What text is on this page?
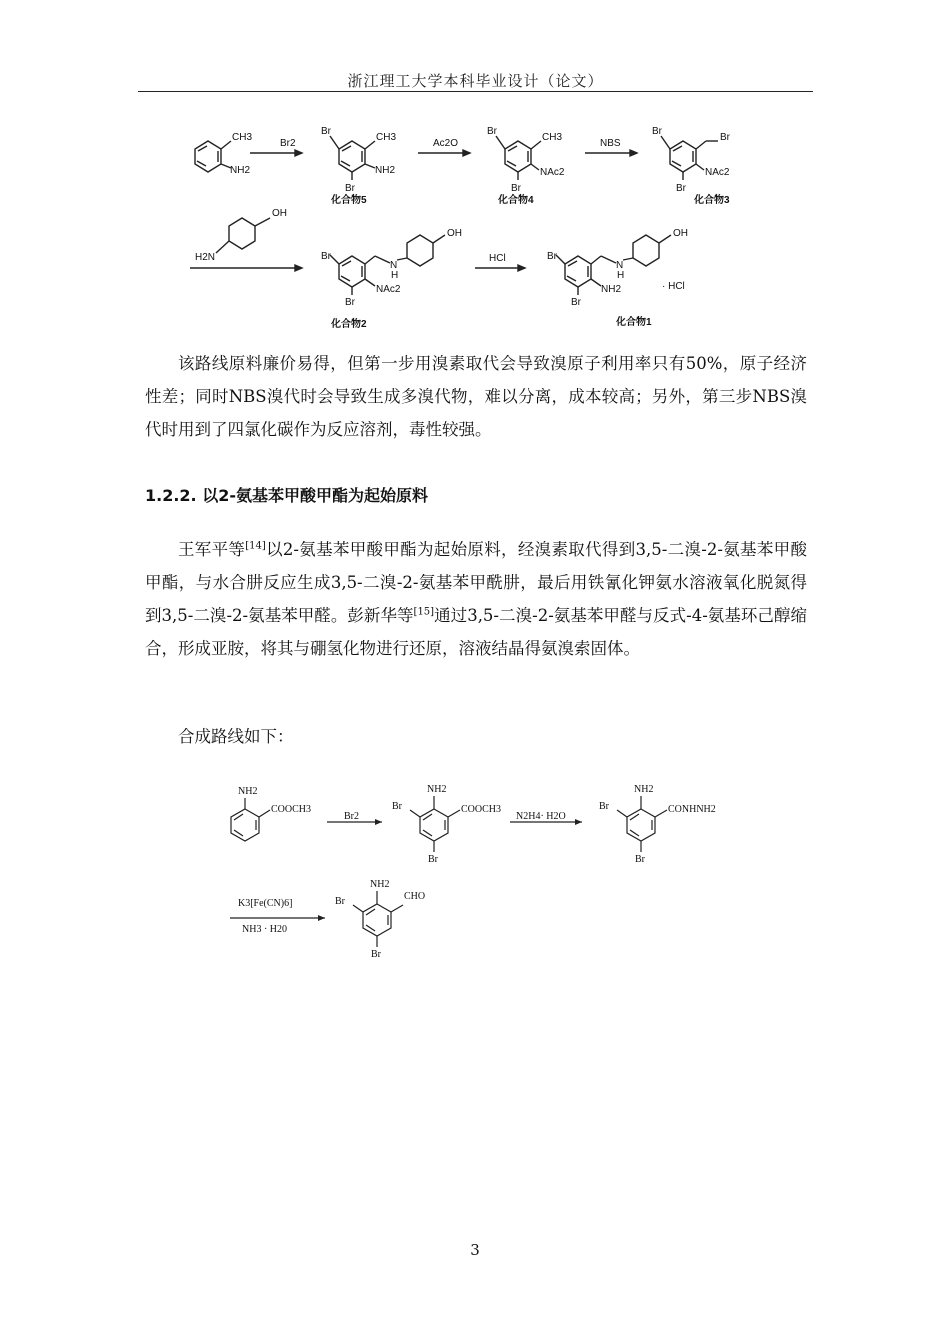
浙江理工大学本科毕业设计（论文）
CH3
NH2
Br2
Br
CH3
NH2
Br
Ac2O
Br
CH3
NAc2
Br
NBS
Br
Br
NAc2
Br
OH
H2N	Br
N
H
OH
NAc2
Br
HCl	Br
N
H
OH
NH2
Br
· HCl
化合物5	化合物4	化合物3
化合物2	化合物1

该路线原料廉价易得，但第一步用溴素取代会导致溴原子利用率只有50%，原子经济性差；同时NBS溴代时会导致生成多溴代物，难以分离，成本较高；另外，第三步NBS溴代时用到了四氯化碳作为反应溶剂，毒性较强。

1.2.2. 以2-氨基苯甲酸甲酯为起始原料

王军平等[14]以2-氨基苯甲酸甲酯为起始原料，经溴素取代得到3,5-二溴-2-氨基苯甲酸甲酯，与水合肼反应生成3,5-二溴-2-氨基苯甲酰肼，最后用铁氰化钾氨水溶液氧化脱氮得到3,5-二溴-2-氨基苯甲醛。彭新华等[15]通过3,5-二溴-2-氨基苯甲醛与反式-4-氨基环己醇缩合，形成亚胺，将其与硼氢化物进行还原，溶液结晶得氨溴索固体。

合成路线如下：

NH2
COOCH3
Br2
NH2
Br	COOCH3
Br
N2H4· H2O
NH2
Br	CONHNH2
Br
K3[Fe(CN)6]
NH3 · H20
NH2
Br	CHO
Br
3
